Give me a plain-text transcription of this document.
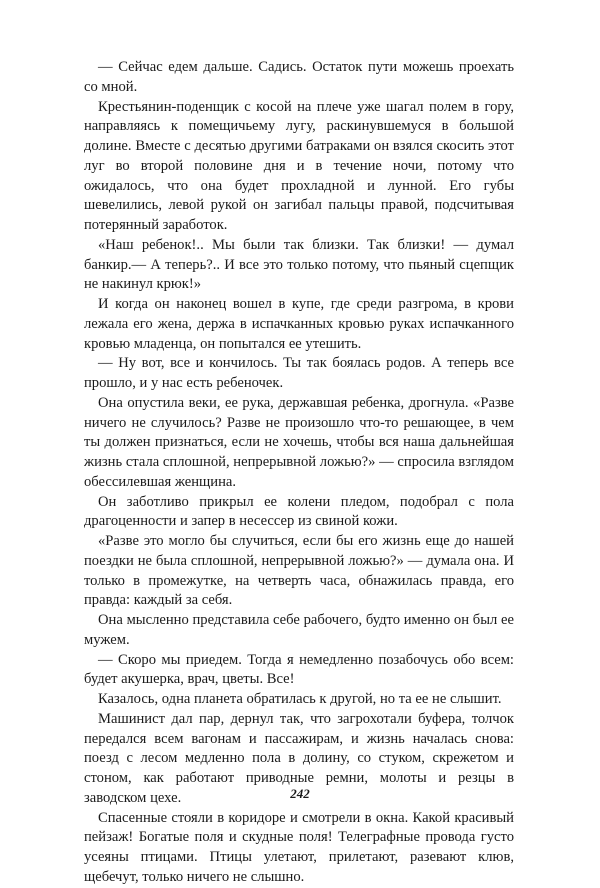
— Сейчас едем дальше. Садись. Остаток пути можешь проехать со мной.

Крестьянин-поденщик с косой на плече уже шагал полем в гору, направляясь к помещичьему лугу, раскинувшемуся в большой долине. Вместе с десятью другими батраками он взялся скосить этот луг во второй половине дня и в течение ночи, потому что ожидалось, что она будет прохладной и лунной. Его губы шевелились, левой рукой он загибал пальцы правой, подсчитывая потерянный заработок.

«Наш ребенок!.. Мы были так близки. Так близки! — думал банкир.— А теперь?.. И все это только потому, что пьяный сцепщик не накинул крюк!»

И когда он наконец вошел в купе, где среди разгрома, в крови лежала его жена, держа в испачканных кровью руках испачканного кровью младенца, он попытался ее утешить.

— Ну вот, все и кончилось. Ты так боялась родов. А теперь все прошло, и у нас есть ребеночек.

Она опустила веки, ее рука, державшая ребенка, дрогнула. «Разве ничего не случилось? Разве не произошло что-то решающее, в чем ты должен признаться, если не хочешь, чтобы вся наша дальнейшая жизнь стала сплошной, непрерывной ложью?» — спросила взглядом обессилевшая женщина.

Он заботливо прикрыл ее колени пледом, подобрал с пола драгоценности и запер в несессер из свиной кожи.

«Разве это могло бы случиться, если бы его жизнь еще до нашей поездки не была сплошной, непрерывной ложью?» — думала она. И только в промежутке, на четверть часа, обнажилась правда, его правда: каждый за себя.

Она мысленно представила себе рабочего, будто именно он был ее мужем.

— Скоро мы приедем. Тогда я немедленно позабочусь обо всем: будет акушерка, врач, цветы. Все!

Казалось, одна планета обратилась к другой, но та ее не слышит.

Машинист дал пар, дернул так, что загрохотали буфера, толчок передался всем вагонам и пассажирам, и жизнь началась снова: поезд с лесом медленно пола в долину, со стуком, скрежетом и стоном, как работают приводные ремни, молоты и резцы в заводском цехе.

Спасенные стояли в коридоре и смотрели в окна. Какой красивый пейзаж! Богатые поля и скудные поля! Телеграфные провода густо усеяны птицами. Птицы улетают, прилетают, разевают клюв, щебечут, только ничего не слышно.

242
